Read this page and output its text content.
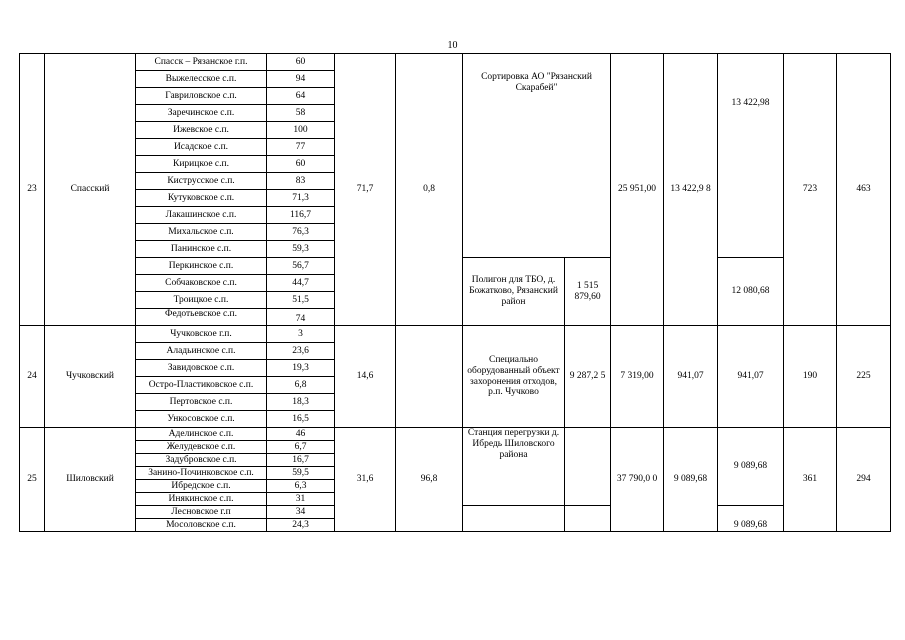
10
23	Спасский	Спасск – Рязанское г.п.	60	71,7	0,8	Сортировка АО "Рязанский Скарабей"		25 951,00	13 422,9 8	13 422,98	723	463
		Выжелесское с.п.	94									
		Гавриловское с.п.	64									
		Заречинское с.п.	58									
		Ижевское с.п.	100									
		Исадское с.п.	77									
		Кирицкое с.п.	60									
		Киструсское с.п.	83									
		Кутуковское с.п.	71,3									
		Лакашинское с.п.	116,7									
		Михальское с.п.	76,3									
		Панинское с.п.	59,3									
		Перкинское с.п.	56,7			Полигон для ТБО, д. Божатково, Рязанский район	1 515 879,60			12 080,68		
		Собчаковское с.п.	44,7									
		Троицкое с.п.	51,5									
		Федотьевское с.п.	74									
24	Чучковский	Чучковское г.п.	3	14,6		Специально оборудованный объект захоронения отходов, р.п. Чучково	9 287,2 5	7 319,00	941,07	941,07	190	225
		Аладьинское с.п.	23,6									
		Завидовское с.п.	19,3									
		Остро-Пластиковское с.п.	6,8									
		Пертовское с.п.	18,3									
		Ункосовское с.п.	16,5									
25	Шиловский	Аделинское с.п.	46	31,6	96,8	Станция перегрузки д. Ибредь Шиловского района		37 790,0 0	9 089,68	9 089,68	361	294
		Желудевское с.п.	6,7									
		Задубровское с.п.	16,7									
		Занино-Починковское с.п.	59,5									
		Ибредское с.п.	6,3									
		Инякинское с.п.	31									
		Лесновское г.п	34							9 089,68		
		Мосоловское с.п.	24,3									
